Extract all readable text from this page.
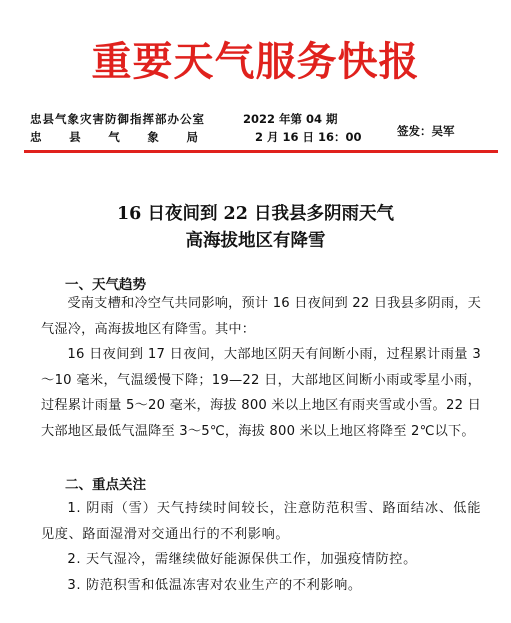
重要天气服务快报
忠县气象灾害防御指挥部办公室
忠 县 气 象 局
2022 年第 04 期
2 月 16 日 16：00	签发：吴军
16 日夜间到 22 日我县多阴雨天气
高海拔地区有降雪
一、天气趋势
受南支槽和冷空气共同影响，预计 16 日夜间到 22 日我县多阴雨，天气湿冷，高海拔地区有降雪。其中：
16 日夜间到 17 日夜间，大部地区阴天有间断小雨，过程累计雨量 3～10 毫米，气温缓慢下降；19—22 日，大部地区间断小雨或零星小雨，过程累计雨量 5～20 毫米，海拔 800 米以上地区有雨夹雪或小雪。22 日大部地区最低气温降至 3～5℃，海拔 800 米以上地区将降至 2℃以下。
二、重点关注
1. 阴雨（雪）天气持续时间较长，注意防范积雪、路面结冰、低能见度、路面湿滑对交通出行的不利影响。
2. 天气湿冷，需继续做好能源保供工作，加强疫情防控。
3. 防范积雪和低温冻害对农业生产的不利影响。
